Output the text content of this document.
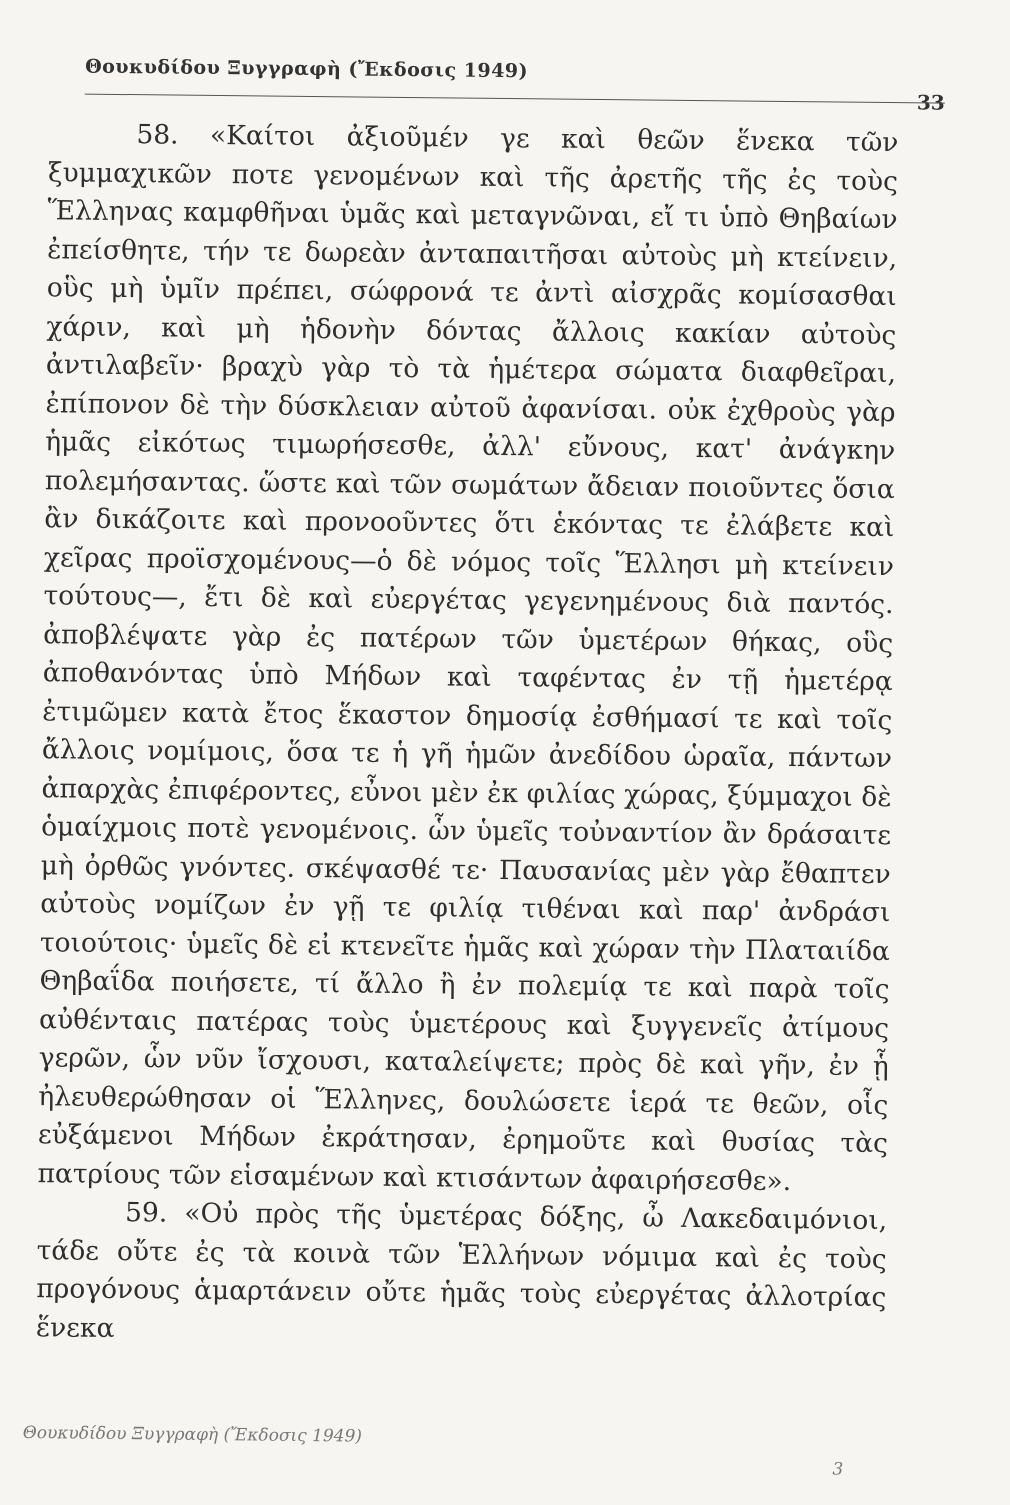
Θουκυδίδου Ξυγγραφὴ (Ἔκδοσις 1949)
33

58. «Καίτοι ἀξιοῦμέν γε καὶ θεῶν ἕνεκα τῶν ξυμμαχικῶν ποτε γενομένων καὶ τῆς ἀρετῆς τῆς ἐς τοὺς Ἕλληνας καμφθῆναι ὑμᾶς καὶ μεταγνῶναι, εἴ τι ὑπὸ Θηβαίων ἐπείσθητε, τήν τε δωρεὰν ἀνταπαιτῆσαι αὐτοὺς μὴ κτείνειν, οὓς μὴ ὑμῖν πρέπει, σώφρονά τε ἀντὶ αἰσχρᾶς κομίσασθαι χάριν, καὶ μὴ ἡδονὴν δόντας ἄλλοις κακίαν αὐτοὺς ἀντιλαβεῖν· βραχὺ γὰρ τὸ τὰ ἡμέτερα σώματα διαφθεῖραι, ἐπίπονον δὲ τὴν δύσκλειαν αὐτοῦ ἀφανίσαι. οὐκ ἐχθροὺς γὰρ ἡμᾶς εἰκότως τιμωρήσεσθε, ἀλλ' εὔνους, κατ' ἀνάγκην πολεμήσαντας. ὥστε καὶ τῶν σωμάτων ἄδειαν ποιοῦντες ὅσια ἂν δικάζοιτε καὶ προνοοῦντες ὅτι ἑκόντας τε ἐλάβετε καὶ χεῖρας προϊσχομένους—ὁ δὲ νόμος τοῖς Ἕλλησι μὴ κτείνειν τούτους—, ἔτι δὲ καὶ εὐεργέτας γεγενημένους διὰ παντός. ἀποβλέψατε γὰρ ἐς πατέρων τῶν ὑμετέρων θήκας, οὓς ἀποθανόντας ὑπὸ Μήδων καὶ ταφέντας ἐν τῇ ἡμετέρᾳ ἐτιμῶμεν κατὰ ἔτος ἕκαστον δημοσίᾳ ἐσθήμασί τε καὶ τοῖς ἄλλοις νομίμοις, ὅσα τε ἡ γῆ ἡμῶν ἀνεδίδου ὡραῖα, πάντων ἀπαρχὰς ἐπιφέροντες, εὖνοι μὲν ἐκ φιλίας χώρας, ξύμμαχοι δὲ ὁμαίχμοις ποτὲ γενομένοις. ὧν ὑμεῖς τοὐναντίον ἂν δράσαιτε μὴ ὀρθῶς γνόντες. σκέψασθέ τε· Παυσανίας μὲν γὰρ ἔθαπτεν αὐτοὺς νομίζων ἐν γῇ τε φιλίᾳ τιθέναι καὶ παρ' ἀνδράσι τοιούτοις· ὑμεῖς δὲ εἰ κτενεῖτε ἡμᾶς καὶ χώραν τὴν Πλαταιίδα Θηβαΐδα ποιήσετε, τί ἄλλο ἢ ἐν πολεμίᾳ τε καὶ παρὰ τοῖς αὐθένταις πατέρας τοὺς ὑμετέρους καὶ ξυγγενεῖς ἀτίμους γερῶν, ὧν νῦν ἴσχουσι, καταλείψετε; πρὸς δὲ καὶ γῆν, ἐν ᾗ ἠλευθερώθησαν οἱ Ἕλληνες, δουλώσετε ἱερά τε θεῶν, οἷς εὐξάμενοι Μήδων ἐκράτησαν, ἐρημοῦτε καὶ θυσίας τὰς πατρίους τῶν εἱσαμένων καὶ κτισάντων ἀφαιρήσεσθε».

59. «Οὐ πρὸς τῆς ὑμετέρας δόξης, ὦ Λακεδαιμόνιοι, τάδε οὔτε ἐς τὰ κοινὰ τῶν Ἑλλήνων νόμιμα καὶ ἐς τοὺς προγόνους ἁμαρτάνειν οὔτε ἡμᾶς τοὺς εὐεργέτας ἀλλοτρίας ἕνεκα

Θουκυδίδου Ξυγγραφὴ (Ἔκδοσις 1949)
3
